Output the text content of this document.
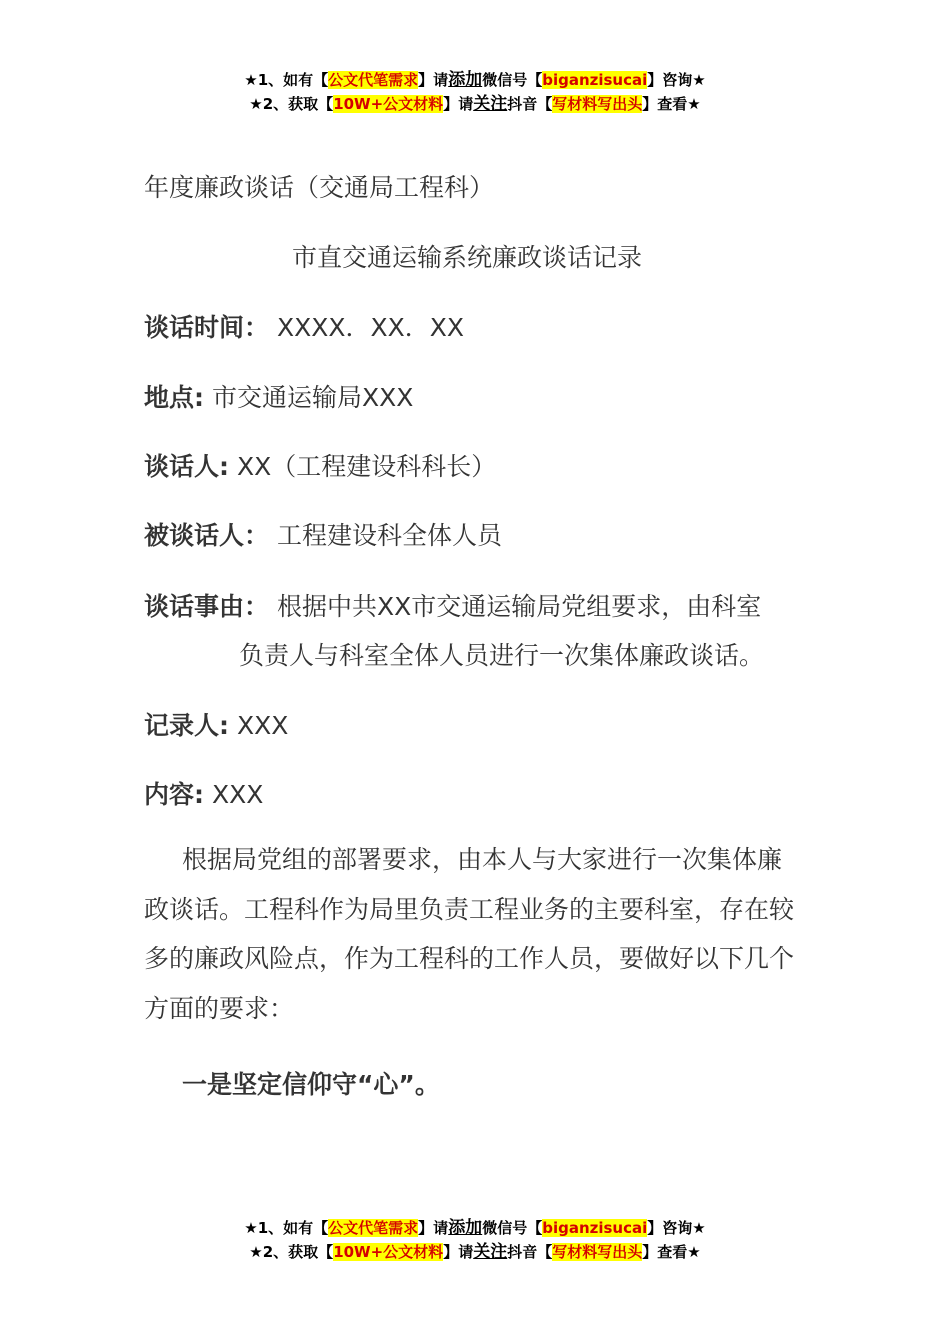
★1、如有【公文代笔需求】请添加微信号【biganzisucai】咨询★
★2、获取【10W+公文材料】请关注抖音【写材料写出头】查看★
年度廉政谈话（交通局工程科）
市直交通运输系统廉政谈话记录
谈话时间： XXXX．XX．XX
地点: 市交通运输局XXX
谈话人: XX（工程建设科科长）
被谈话人： 工程建设科全体人员
谈话事由： 根据中共XX市交通运输局党组要求，由科室
负责人与科室全体人员进行一次集体廉政谈话。
记录人: XXX
内容: XXX
根据局党组的部署要求，由本人与大家进行一次集体廉政谈话。工程科作为局里负责工程业务的主要科室，存在较多的廉政风险点，作为工程科的工作人员，要做好以下几个方面的要求：
一是坚定信仰守“心”。
★1、如有【公文代笔需求】请添加微信号【biganzisucai】咨询★
★2、获取【10W+公文材料】请关注抖音【写材料写出头】查看★
